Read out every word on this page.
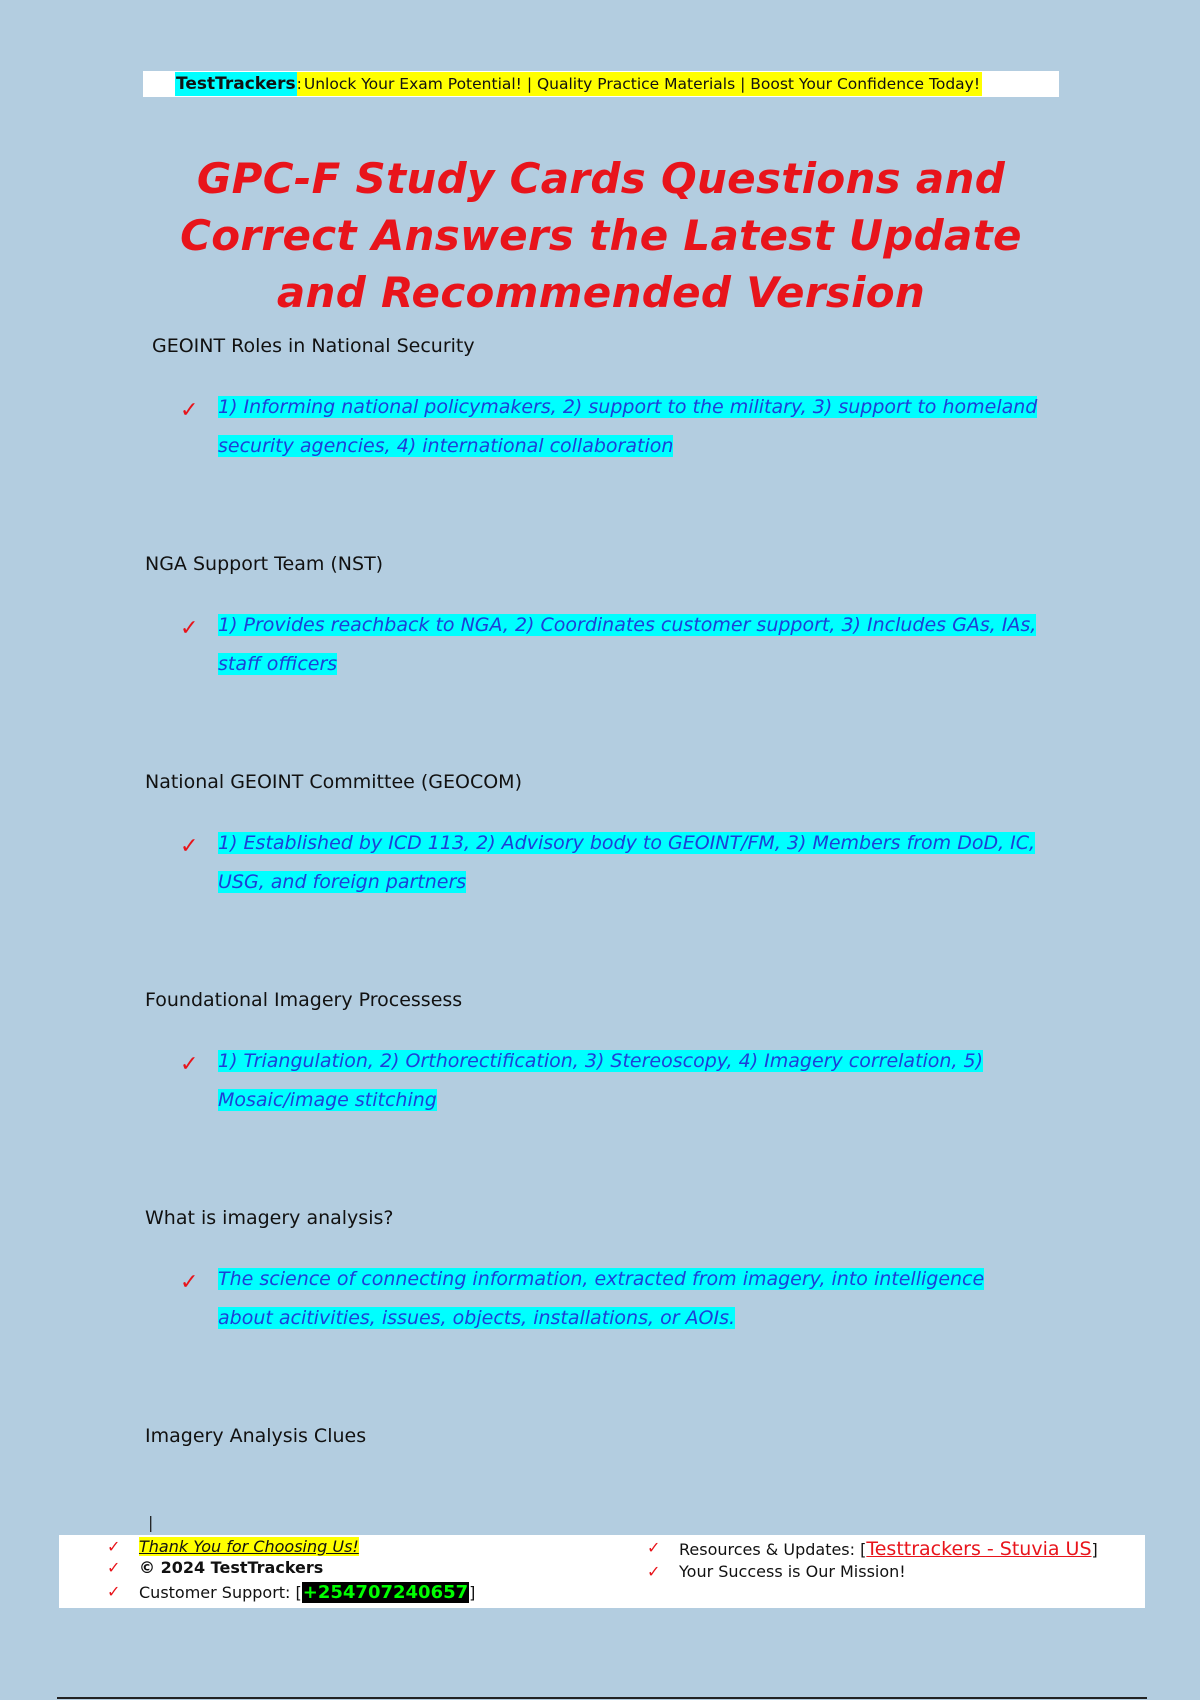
TestTrackers : Unlock Your Exam Potential! | Quality Practice Materials | Boost Your Confidence Today!
GPC-F Study Cards Questions and Correct Answers the Latest Update and Recommended Version
GEOINT Roles in National Security
✓ 1) Informing national policymakers, 2) support to the military, 3) support to homeland security agencies, 4) international collaboration
NGA Support Team (NST)
✓ 1) Provides reachback to NGA, 2) Coordinates customer support, 3) Includes GAs, IAs, staff officers
National GEOINT Committee (GEOCOM)
✓ 1) Established by ICD 113, 2) Advisory body to GEOINT/FM, 3) Members from DoD, IC, USG, and foreign partners
Foundational Imagery Processess
✓ 1) Triangulation, 2) Orthorectification, 3) Stereoscopy, 4) Imagery correlation, 5) Mosaic/image stitching
What is imagery analysis?
✓ The science of connecting information, extracted from imagery, into intelligence about acitivities, issues, objects, installations, or AOIs.
Imagery Analysis Clues
|
✓ Thank You for Choosing Us!
✓ © 2024 TestTrackers
✓ Customer Support: [+254707240657]
✓ Resources & Updates: [Testtrackers - Stuvia US]
✓ Your Success is Our Mission!
